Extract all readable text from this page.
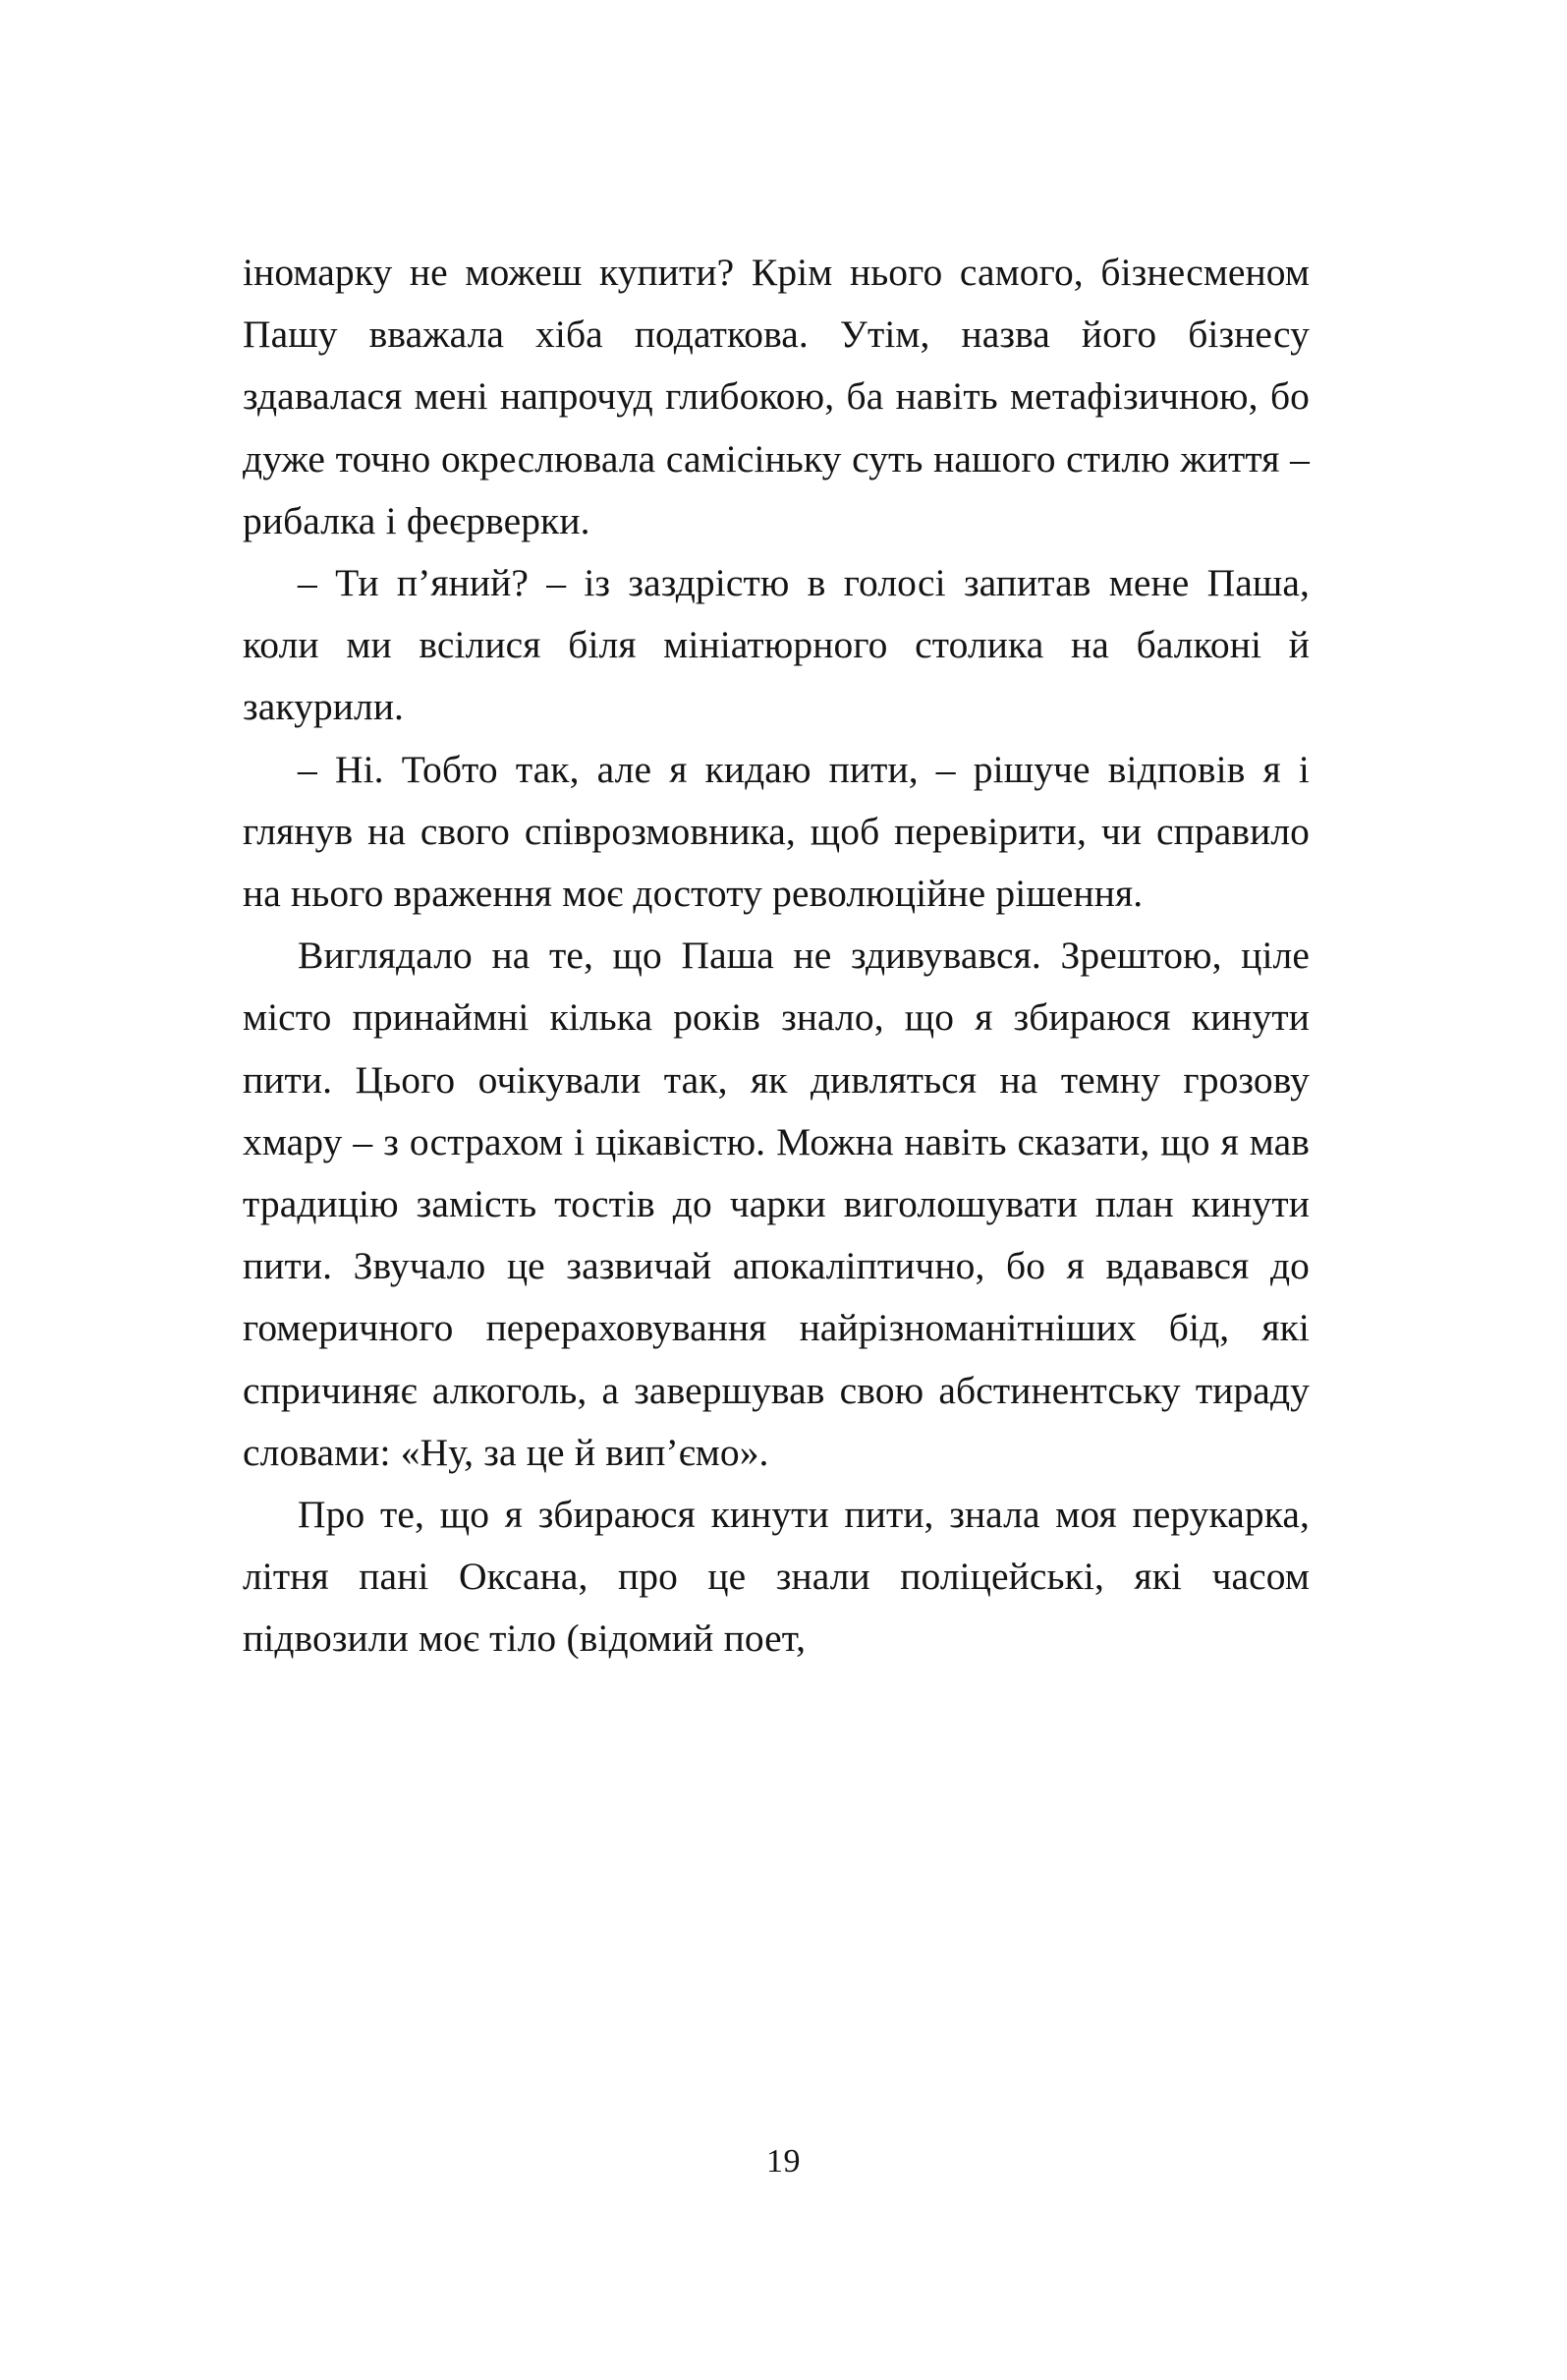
іномарку не можеш купити? Крім нього самого, бізнесменом Пашу вважала хіба податкова. Утім, назва його бізнесу здавалася мені напрочуд глибокою, ба навіть метафізичною, бо дуже точно окреслювала самісіньку суть нашого стилю життя – рибалка і феєрверки.

– Ти п’яний? – із заздрістю в голосі запитав мене Паша, коли ми всілися біля мініатюрного столика на балконі й закурили.

– Ні. Тобто так, але я кидаю пити, – рішуче відповів я і глянув на свого співрозмовника, щоб перевірити, чи справило на нього враження моє достоту революційне рішення.

Виглядало на те, що Паша не здивувався. Зрештою, ціле місто принаймні кілька років знало, що я збираюся кинути пити. Цього очікували так, як дивляться на темну грозову хмару – з острахом і цікавістю. Можна навіть сказати, що я мав традицію замість тостів до чарки виголошувати план кинути пити. Звучало це зазвичай апокаліптично, бо я вдавався до гомеричного перераховування найрізноманітніших бід, які спричиняє алкоголь, а завершував свою абстинентську тираду словами: «Ну, за це й вип’ємо».

Про те, що я збираюся кинути пити, знала моя перукарка, літня пані Оксана, про це знали поліцейські, які часом підвозили моє тіло (відомий поет,

19
